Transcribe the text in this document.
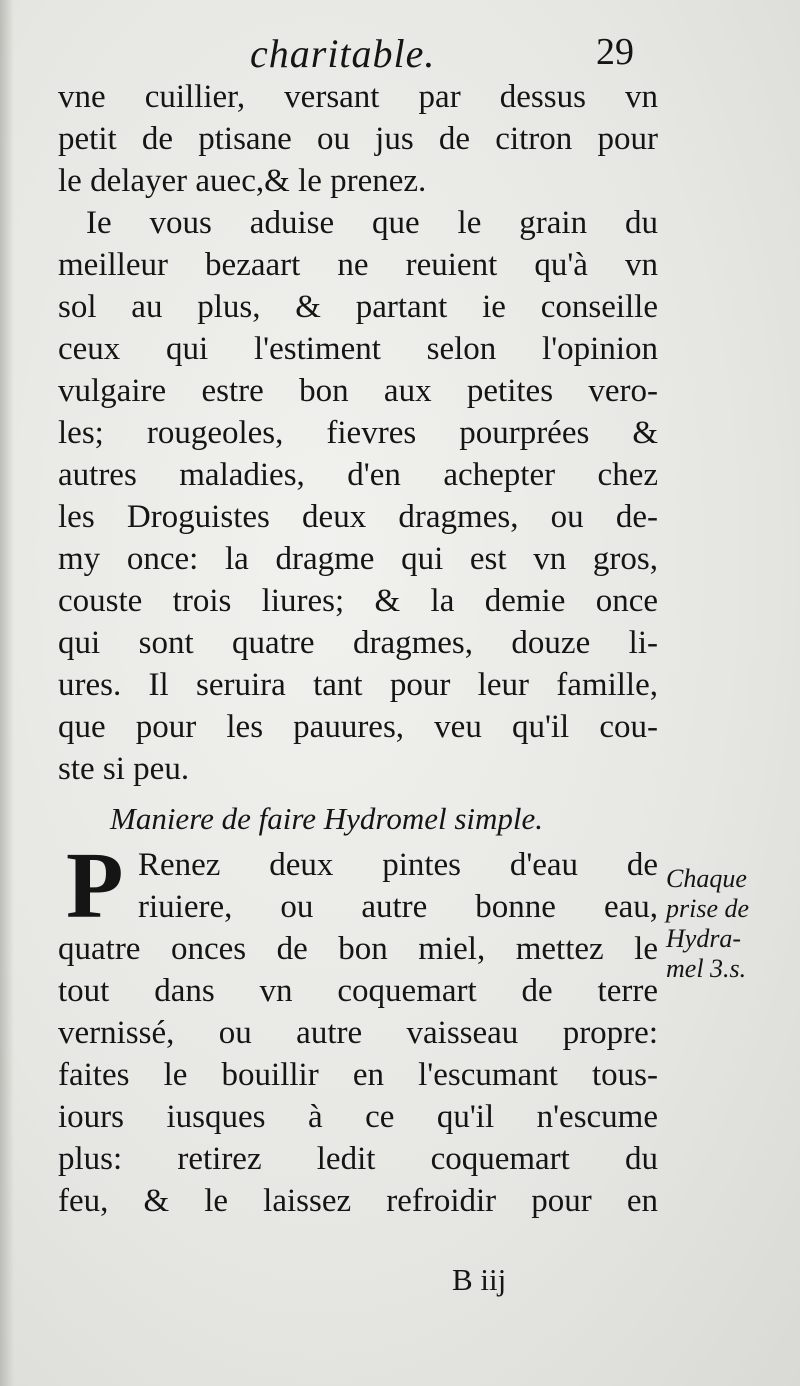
charitable.	29
vne cuillier, versant par dessus vn
petit de ptisane ou jus de citron pour
le delayer auec,& le prenez.
Ie vous aduise que le grain du
meilleur bezaart ne reuient qu'à vn
sol au plus, & partant ie conseille
ceux qui l'estiment selon l'opinion
vulgaire estre bon aux petites vero-
les; rougeoles, fievres pourprées &
autres maladies, d'en achepter chez
les Droguistes deux dragmes, ou de-
my once: la dragme qui est vn gros,
couste trois liures; & la demie once
qui sont quatre dragmes, douze li-
ures. Il seruira tant pour leur famille,
que pour les pauures, veu qu'il cou-
ste si peu.
Maniere de faire Hydromel simple.
P Renez deux pintes d'eau de
riuiere, ou autre bonne eau,
quatre onces de bon miel, mettez le
tout dans vn coquemart de terre
vernissé, ou autre vaisseau propre:
faites le bouillir en l'escumant tous-
iours iusques à ce qu'il n'escume
plus: retirez ledit coquemart du
feu, & le laissez refroidir pour en
Chaque
prise de
Hydra-
mel 3.s.
B iij
